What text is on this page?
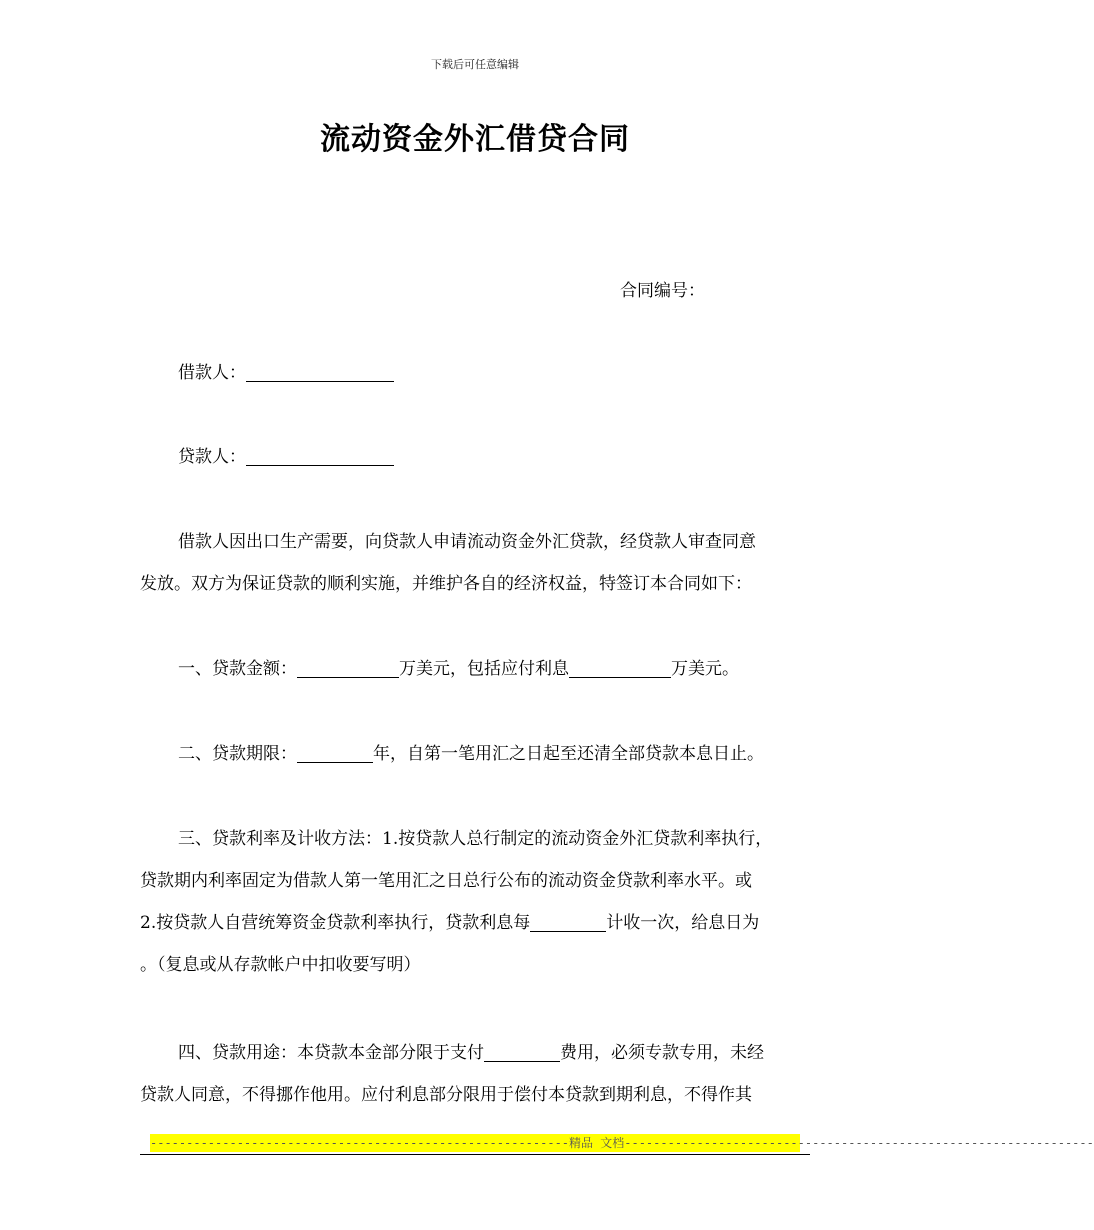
下载后可任意编辑
流动资金外汇借贷合同
合同编号：
借款人：
贷款人：
借款人因出口生产需要，向贷款人申请流动资金外汇贷款，经贷款人审查同意
发放。双方为保证贷款的顺利实施，并维护各自的经济权益，特签订本合同如下：
一、贷款金额：	万美元，包括应付利息	万美元。
二、贷款期限：	年，自第一笔用汇之日起至还清全部贷款本息日止。
三、贷款利率及计收方法：1.按贷款人总行制定的流动资金外汇贷款利率执行，
贷款期内利率固定为借款人第一笔用汇之日总行公布的流动资金贷款利率水平。或
2.按贷款人自营统筹资金贷款利率执行，贷款利息每	计收一次，给息日为
。（复息或从存款帐户中扣收要写明）
四、贷款用途：本贷款本金部分限于支付	费用，必须专款专用，未经
贷款人同意，不得挪作他用。应付利息部分限用于偿付本贷款到期利息，不得作其
----------------------------------------------------------精品 文档-----------------------------------------------------------------
